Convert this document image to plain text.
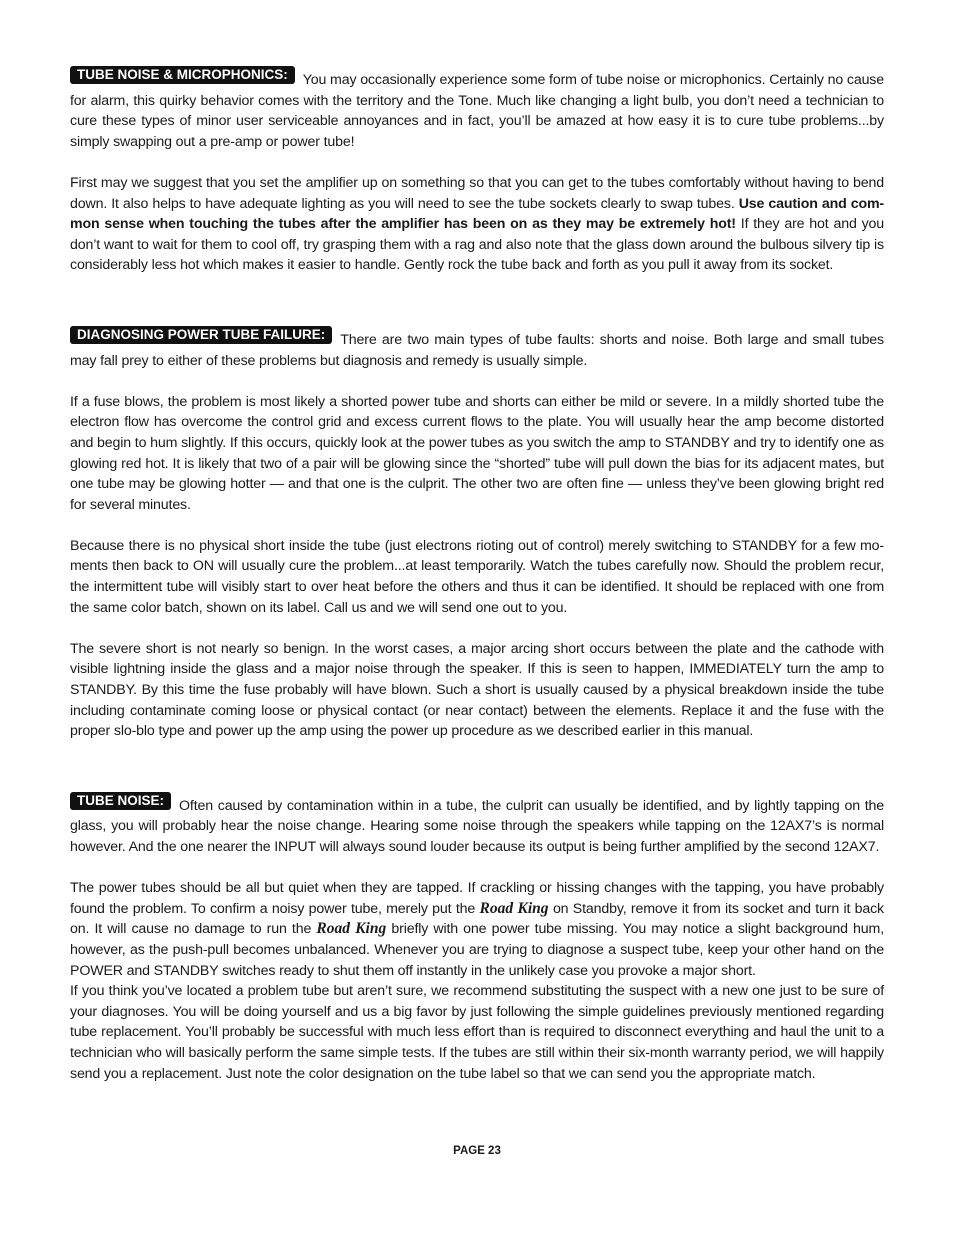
TUBE NOISE & MICROPHONICS: You may occasionally experience some form of tube noise or microphonics. Certainly no cause for alarm, this quirky behavior comes with the territory and the Tone. Much like changing a light bulb, you don’t need a technician to cure these types of minor user serviceable annoyances and in fact, you’ll be amazed at how easy it is to cure tube problems...by simply swapping out a pre-amp or power tube!

First may we suggest that you set the amplifier up on something so that you can get to the tubes comfortably without having to bend down. It also helps to have adequate lighting as you will need to see the tube sockets clearly to swap tubes. Use caution and com-mon sense when touching the tubes after the amplifier has been on as they may be extremely hot! If they are hot and you don’t want to wait for them to cool off, try grasping them with a rag and also note that the glass down around the bulbous silvery tip is considerably less hot which makes it easier to handle. Gently rock the tube back and forth as you pull it away from its socket.

DIAGNOSING POWER TUBE FAILURE: There are two main types of tube faults: shorts and noise. Both large and small tubes may fall prey to either of these problems but diagnosis and remedy is usually simple.

If a fuse blows, the problem is most likely a shorted power tube and shorts can either be mild or severe. In a mildly shorted tube the electron flow has overcome the control grid and excess current flows to the plate. You will usually hear the amp become distorted and begin to hum slightly. If this occurs, quickly look at the power tubes as you switch the amp to STANDBY and try to identify one as glowing red hot. It is likely that two of a pair will be glowing since the “shorted” tube will pull down the bias for its adjacent mates, but one tube may be glowing hotter — and that one is the culprit. The other two are often fine — unless they’ve been glowing bright red for several minutes.

Because there is no physical short inside the tube (just electrons rioting out of control) merely switching to STANDBY for a few mo-ments then back to ON will usually cure the problem...at least temporarily. Watch the tubes carefully now. Should the problem recur, the intermittent tube will visibly start to over heat before the others and thus it can be identified. It should be replaced with one from the same color batch, shown on its label. Call us and we will send one out to you.

The severe short is not nearly so benign. In the worst cases, a major arcing short occurs between the plate and the cathode with visible lightning inside the glass and a major noise through the speaker. If this is seen to happen, IMMEDIATELY turn the amp to STANDBY. By this time the fuse probably will have blown. Such a short is usually caused by a physical breakdown inside the tube including contaminate coming loose or physical contact (or near contact) between the elements. Replace it and the fuse with the proper slo-blo type and power up the amp using the power up procedure as we described earlier in this manual.

TUBE NOISE: Often caused by contamination within in a tube, the culprit can usually be identified, and by lightly tapping on the glass, you will probably hear the noise change. Hearing some noise through the speakers while tapping on the 12AX7’s is normal however. And the one nearer the INPUT will always sound louder because its output is being further amplified by the second 12AX7.

The power tubes should be all but quiet when they are tapped. If crackling or hissing changes with the tapping, you have probably found the problem. To confirm a noisy power tube, merely put the Road King on Standby, remove it from its socket and turn it back on. It will cause no damage to run the Road King briefly with one power tube missing. You may notice a slight background hum, however, as the push-pull becomes unbalanced. Whenever you are trying to diagnose a suspect tube, keep your other hand on the POWER and STANDBY switches ready to shut them off instantly in the unlikely case you provoke a major short.

If you think you’ve located a problem tube but aren’t sure, we recommend substituting the suspect with a new one just to be sure of your diagnoses. You will be doing yourself and us a big favor by just following the simple guidelines previously mentioned regarding tube replacement. You’ll probably be successful with much less effort than is required to disconnect everything and haul the unit to a technician who will basically perform the same simple tests. If the tubes are still within their six-month warranty period, we will happily send you a replacement. Just note the color designation on the tube label so that we can send you the appropriate match.

PAGE 23
